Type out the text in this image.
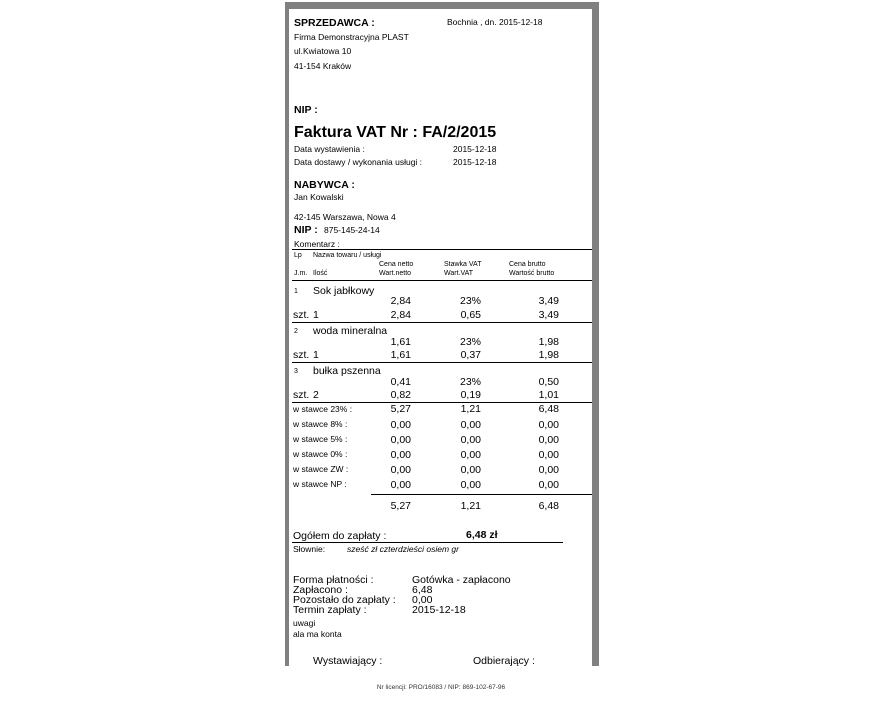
SPRZEDAWCA :	Bochnia , dn. 2015-12-18
Firma Demonstracyjna PLAST
ul.Kwiatowa 10
41-154 Kraków
NIP :
Faktura VAT Nr : FA/2/2015
Data wystawienia :	2015-12-18
Data dostawy / wykonania usługi :	2015-12-18
NABYWCA :
Jan Kowalski
42-145 Warszawa, Nowa 4
NIP : 875-145-24-14
Komentarz :
Lp Nazwa towaru / usługi
Cena netto	Stawka VAT	Cena brutto
J.m. Ilość	Wart.netto	Wart.VAT	Wartość brutto
1 Sok jabłkowy
2,84	23%	3,49
szt. 1	2,84	0,65	3,49
2 woda mineralna
1,61	23%	1,98
szt. 1	1,61	0,37	1,98
3 bułka pszenna
0,41	23%	0,50
szt. 2	0,82	0,19	1,01
w stawce 23% :	5,27	1,21	6,48
w stawce 8% :	0,00	0,00	0,00
w stawce 5% :	0,00	0,00	0,00
w stawce 0% :	0,00	0,00	0,00
w stawce ZW :	0,00	0,00	0,00
w stawce NP :	0,00	0,00	0,00
5,27	1,21	6,48
Ogółem do zapłaty :	6,48 zł
Słownie:	sześć zł czterdzieści osiem gr
Forma płatności :	Gotówka - zapłacono
Zapłacono :	6,48
Pozostało do zapłaty : 0,00
Termin zapłaty :	2015-12-18
uwagi
ala ma konta
Wystawiający :	Odbierający :
Nr licencji: PRO/16083 / NIP: 869-102-67-96
